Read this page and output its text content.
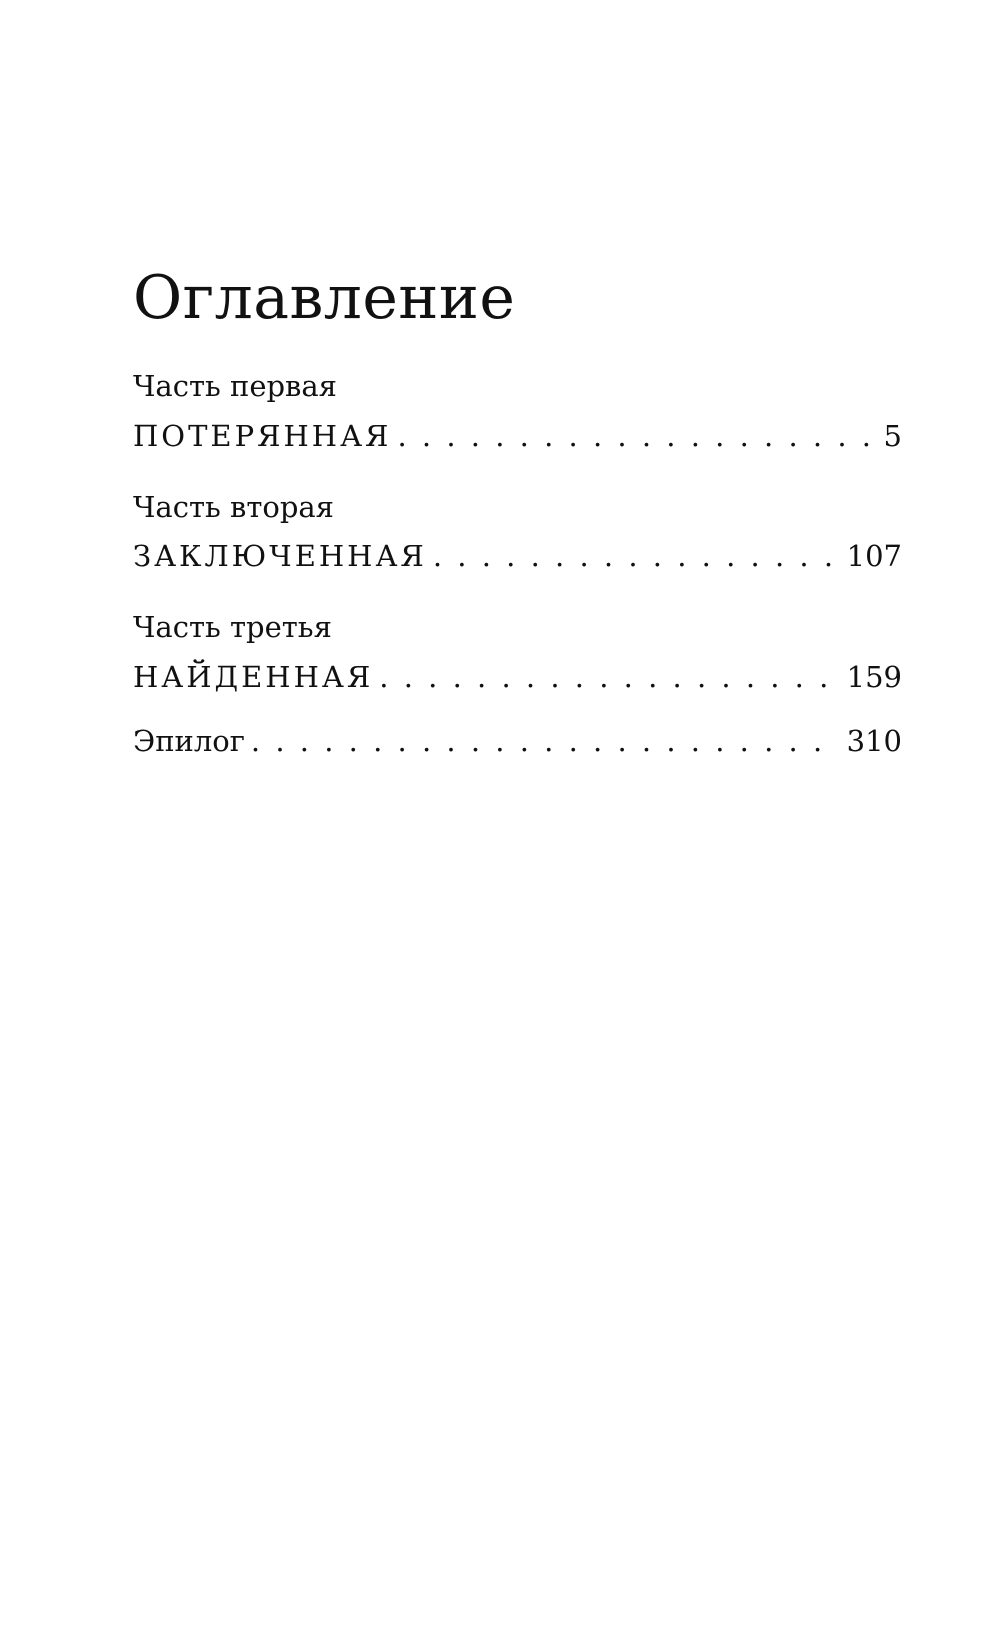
Оглавление

Часть первая

ПОТЕРЯННАЯ . . .	5

Часть вторая

ЗАКЛЮЧЕННАЯ . . .	107

Часть третья

НАЙДЕННАЯ . . .	159
Эпилог . . .	310
